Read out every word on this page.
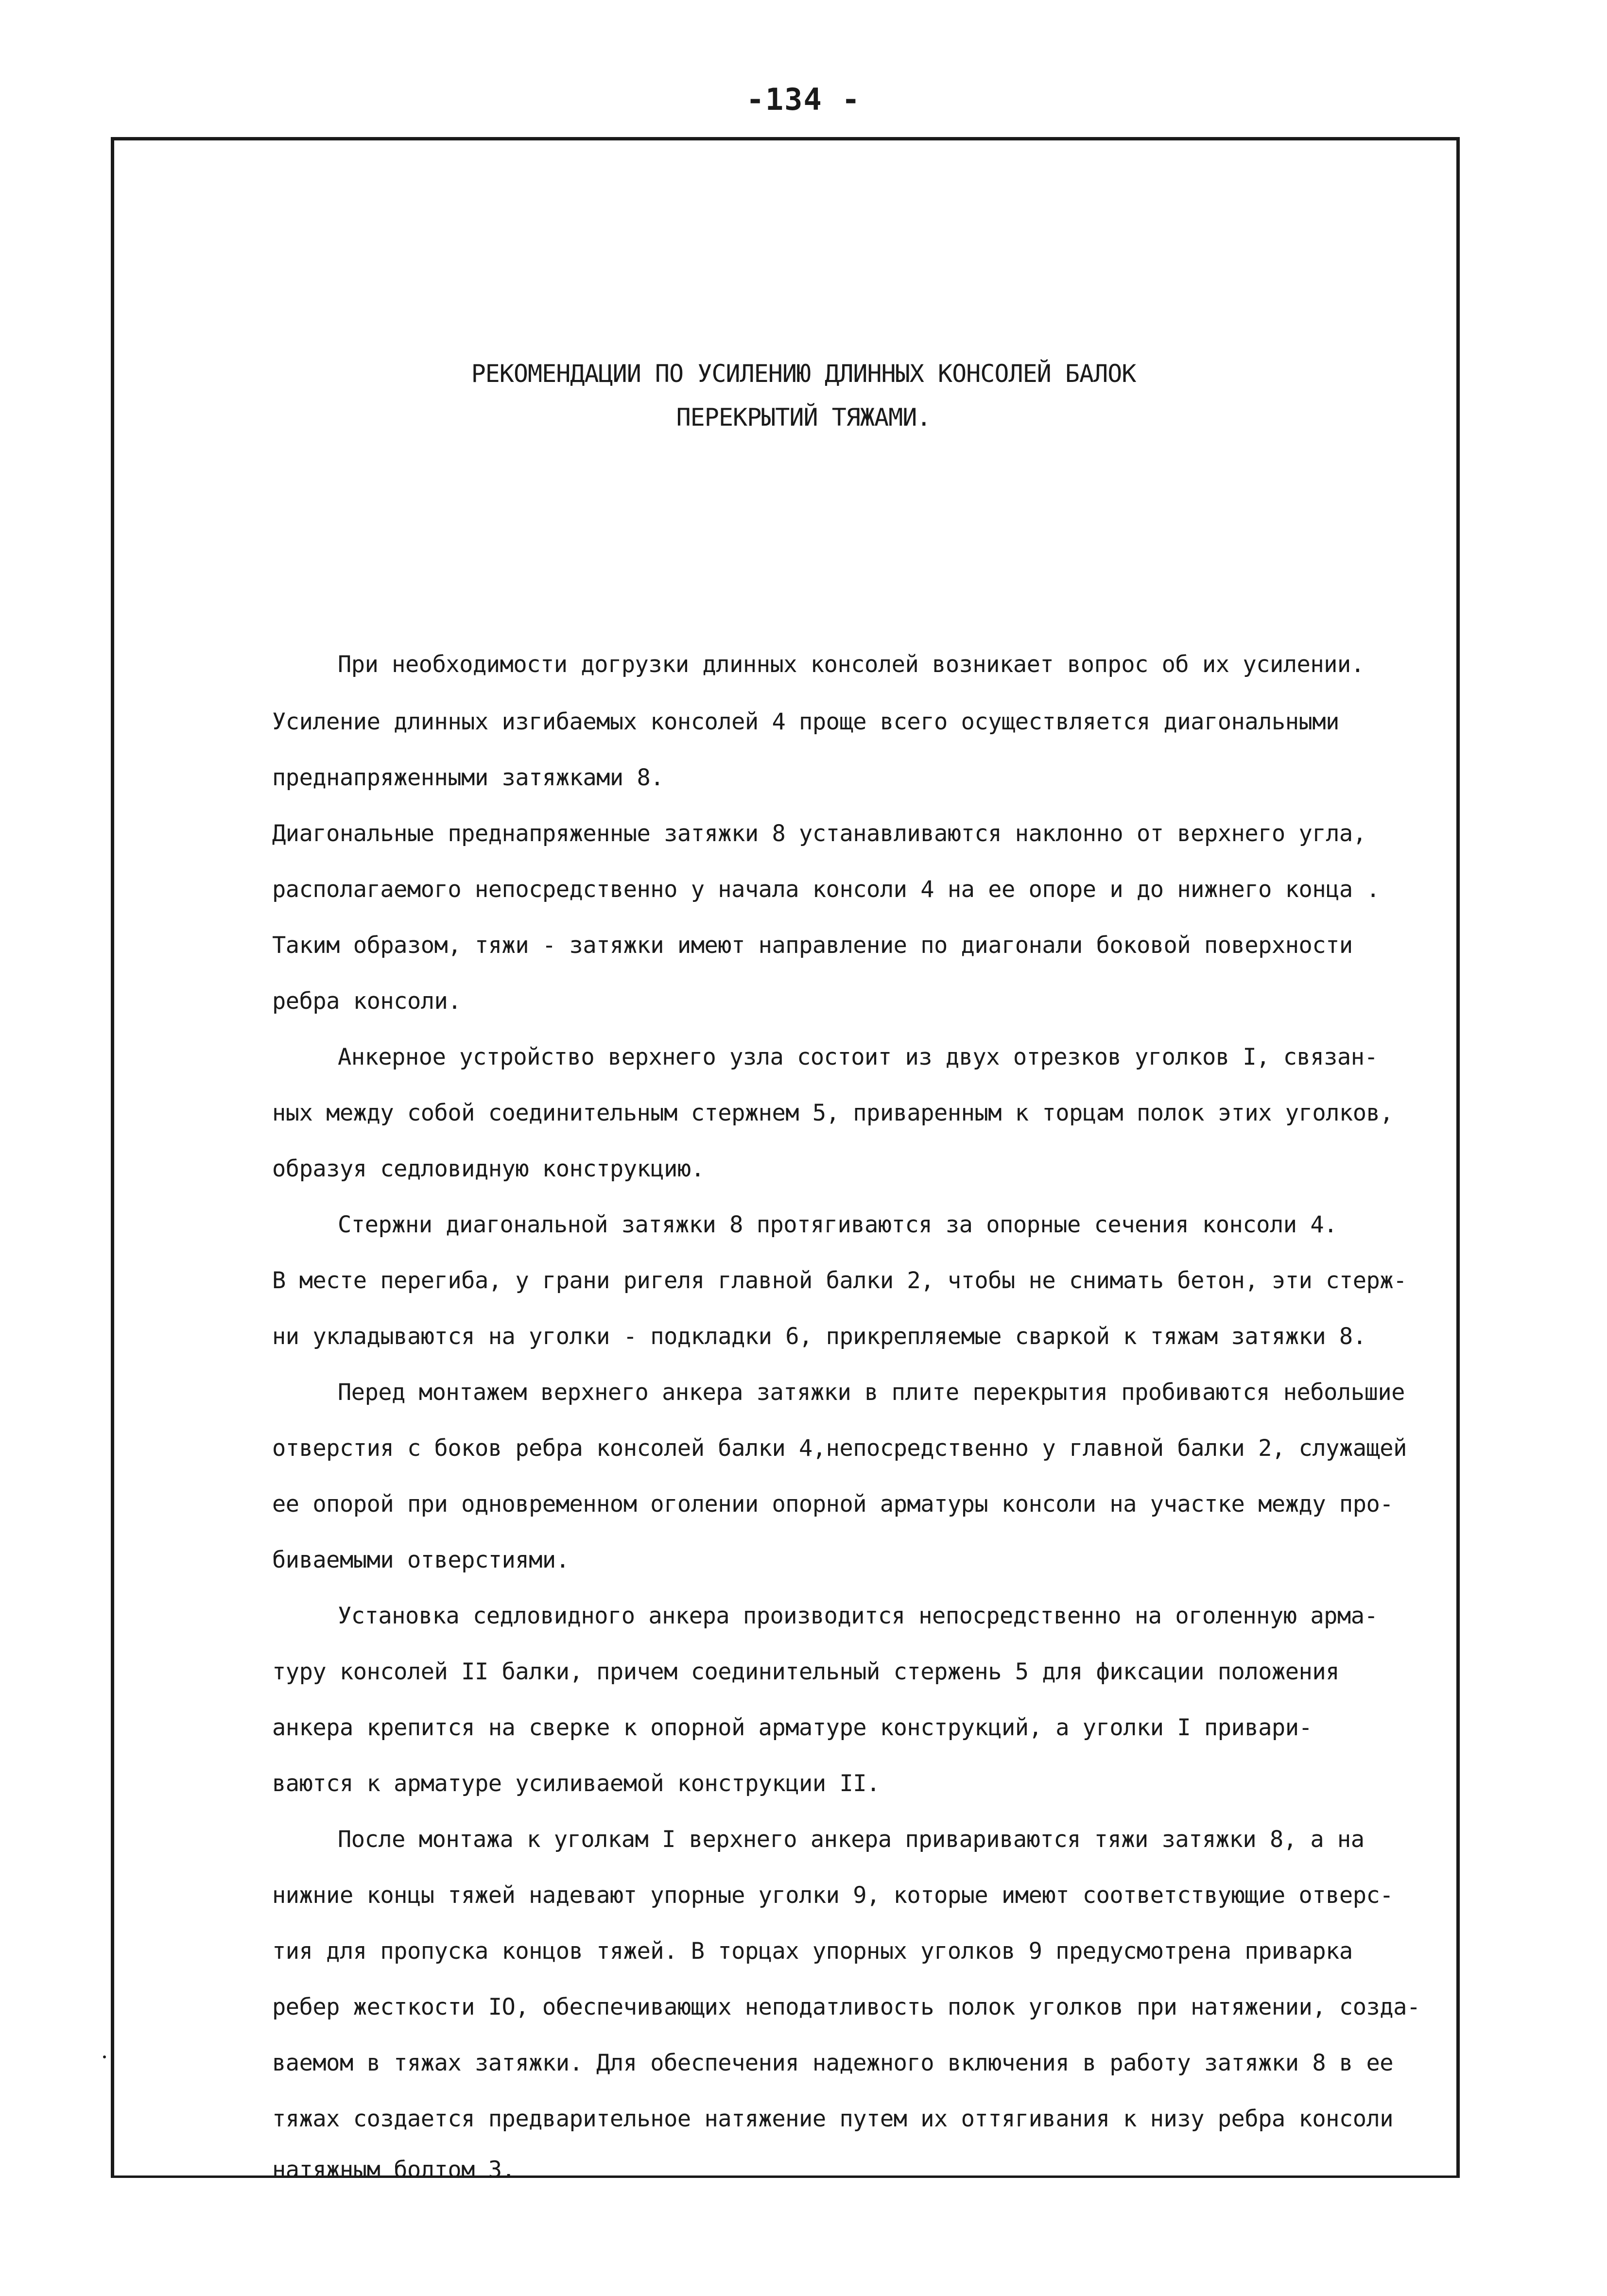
-134 -
РЕКОМЕНДАЦИИ ПО УСИЛЕНИЮ ДЛИННЫХ КОНСОЛЕЙ БАЛОК
ПЕРЕКРЫТИЙ ТЯЖАМИ.
При необходимости догрузки длинных консолей возникает вопрос об их усилении.
Усиление длинных изгибаемых консолей 4 проще всего осуществляется диагональными
преднапряженными затяжками 8.
Диагональные преднапряженные затяжки 8 устанавливаются наклонно от верхнего угла,
располагаемого непосредственно у начала консоли 4 на ее опоре и до нижнего конца .
Таким образом, тяжи - затяжки имеют направление по диагонали боковой поверхности
ребра консоли.
Анкерное устройство верхнего узла состоит из двух отрезков уголков I, связан-
ных между собой соединительным стержнем 5, приваренным к торцам полок этих уголков,
образуя седловидную конструкцию.
Стержни диагональной затяжки 8 протягиваются за опорные сечения консоли 4.
В месте перегиба, у грани ригеля главной балки 2, чтобы не снимать бетон, эти стерж-
ни укладываются на уголки - подкладки 6, прикрепляемые сваркой к тяжам затяжки 8.
Перед монтажем верхнего анкера затяжки в плите перекрытия пробиваются небольшие
отверстия с боков ребра консолей балки 4,непосредственно у главной балки 2, служащей
ее опорой при одновременном оголении опорной арматуры консоли на участке между про-
биваемыми отверстиями.
Установка седловидного анкера производится непосредственно на оголенную арма-
туру консолей II балки, причем соединительный стержень 5 для фиксации положения
анкера крепится на сверке к опорной арматуре конструкций, а уголки I привари-
ваются к арматуре усиливаемой конструкции II.
После монтажа к уголкам I верхнего анкера привариваются тяжи затяжки 8, а на
нижние концы тяжей надевают упорные уголки 9, которые имеют соответствующие отверс-
тия для пропуска концов тяжей. В торцах упорных уголков 9 предусмотрена приварка
ребер жесткости IO, обеспечивающих неподатливость полок уголков при натяжении, созда-
ваемом в тяжах затяжки. Для обеспечения надежного включения в работу затяжки 8 в ее
тяжах создается предварительное натяжение путем их оттягивания к низу ребра консоли
натяжным болтом 3.
